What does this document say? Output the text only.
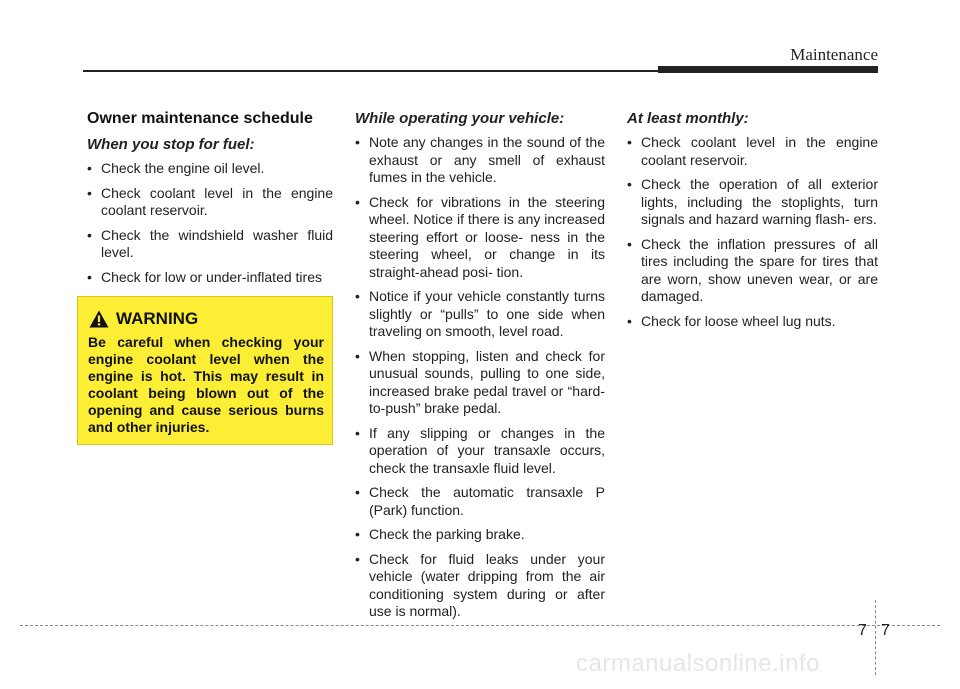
Maintenance
Owner maintenance schedule
When you stop for fuel:
• Check the engine oil level.
• Check coolant level in the engine coolant reservoir.
• Check the windshield washer fluid level.
• Check for low or under-inflated tires
WARNING
Be careful when checking your engine coolant level when the engine is hot. This may result in coolant being blown out of the opening and cause serious burns and other injuries.
While operating your vehicle:
• Note any changes in the sound of the exhaust or any smell of exhaust fumes in the vehicle.
• Check for vibrations in the steering wheel. Notice if there is any increased steering effort or loose- ness in the steering wheel, or change in its straight-ahead posi- tion.
• Notice if your vehicle constantly turns slightly or “pulls” to one side when traveling on smooth, level road.
• When stopping, listen and check for unusual sounds, pulling to one side, increased brake pedal travel or “hard-to-push” brake pedal.
• If any slipping or changes in the operation of your transaxle occurs, check the transaxle fluid level.
• Check the automatic transaxle P (Park) function.
• Check the parking brake.
• Check for fluid leaks under your vehicle (water dripping from the air conditioning system during or after use is normal).
At least monthly:
• Check coolant level in the engine coolant reservoir.
• Check the operation of all exterior lights, including the stoplights, turn signals and hazard warning flash- ers.
• Check the inflation pressures of all tires including the spare for tires that are worn, show uneven wear, or are damaged.
• Check for loose wheel lug nuts.
7 7
carmanualsonline.info
